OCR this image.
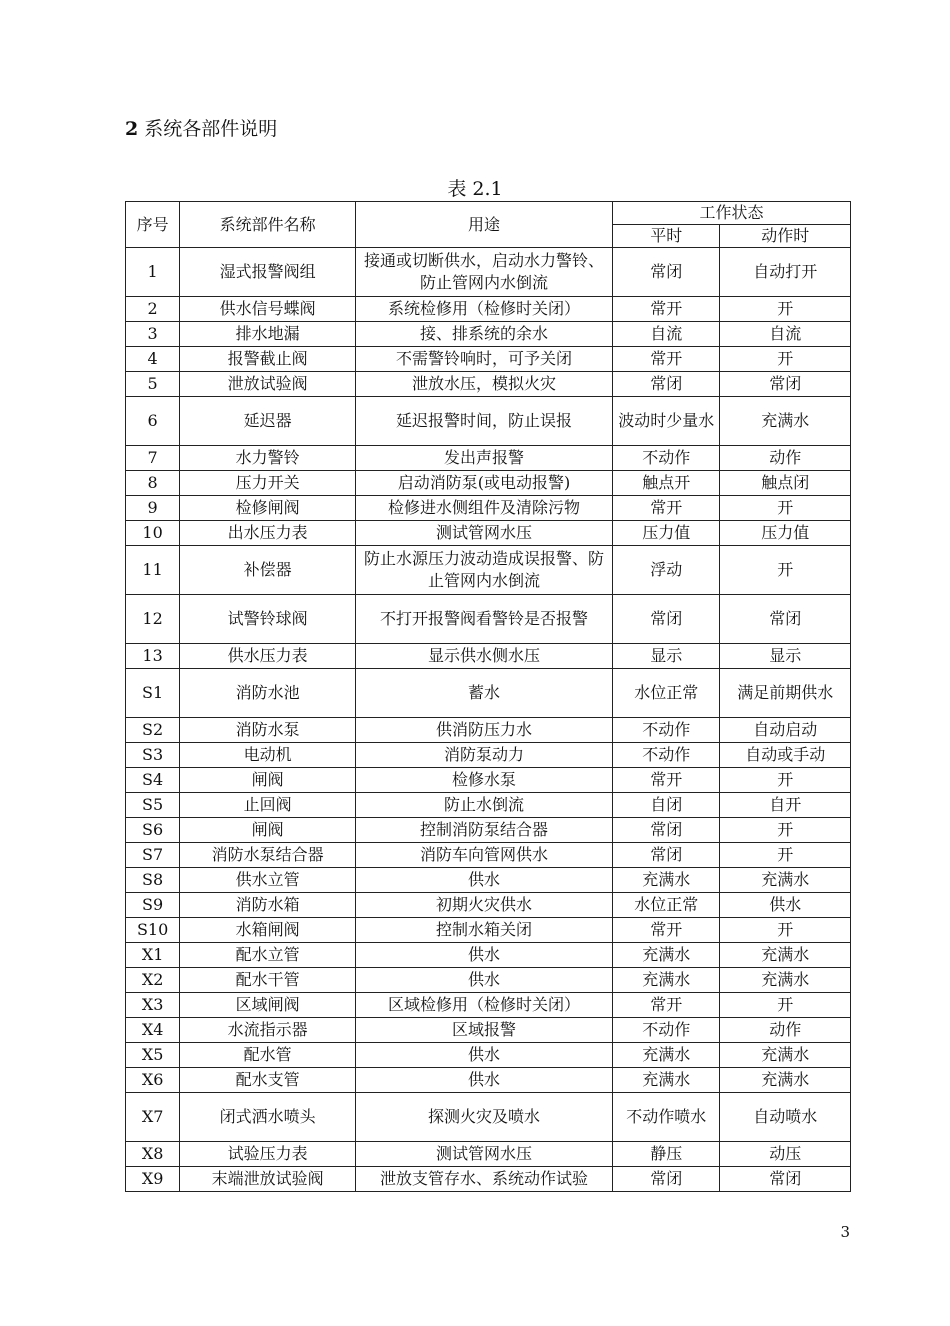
2 系统各部件说明
表 2.1
序号	系统部件名称	用途	工作状态	
			平时	动作时
1	湿式报警阀组	接通或切断供水，启动水力警铃、防止管网内水倒流	常闭	自动打开
2	供水信号蝶阀	系统检修用（检修时关闭）	常开	开
3	排水地漏	接、排系统的余水	自流	自流
4	报警截止阀	不需警铃响时，可予关闭	常开	开
5	泄放试验阀	泄放水压，模拟火灾	常闭	常闭
6	延迟器	延迟报警时间，防止误报	波动时少量水	充满水
7	水力警铃	发出声报警	不动作	动作
8	压力开关	启动消防泵(或电动报警)	触点开	触点闭
9	检修闸阀	检修进水侧组件及清除污物	常开	开
10	出水压力表	测试管网水压	压力值	压力值
11	补偿器	防止水源压力波动造成误报警、防止管网内水倒流	浮动	开
12	试警铃球阀	不打开报警阀看警铃是否报警	常闭	常闭
13	供水压力表	显示供水侧水压	显示	显示
S1	消防水池	蓄水	水位正常	满足前期供水
S2	消防水泵	供消防压力水	不动作	自动启动
S3	电动机	消防泵动力	不动作	自动或手动
S4	闸阀	检修水泵	常开	开
S5	止回阀	防止水倒流	自闭	自开
S6	闸阀	控制消防泵结合器	常闭	开
S7	消防水泵结合器	消防车向管网供水	常闭	开
S8	供水立管	供水	充满水	充满水
S9	消防水箱	初期火灾供水	水位正常	供水
S10	水箱闸阀	控制水箱关闭	常开	开
X1	配水立管	供水	充满水	充满水
X2	配水干管	供水	充满水	充满水
X3	区域闸阀	区域检修用（检修时关闭）	常开	开
X4	水流指示器	区域报警	不动作	动作
X5	配水管	供水	充满水	充满水
X6	配水支管	供水	充满水	充满水
X7	闭式洒水喷头	探测火灾及喷水	不动作喷水	自动喷水
X8	试验压力表	测试管网水压	静压	动压
X9	末端泄放试验阀	泄放支管存水、系统动作试验	常闭	常闭
3
